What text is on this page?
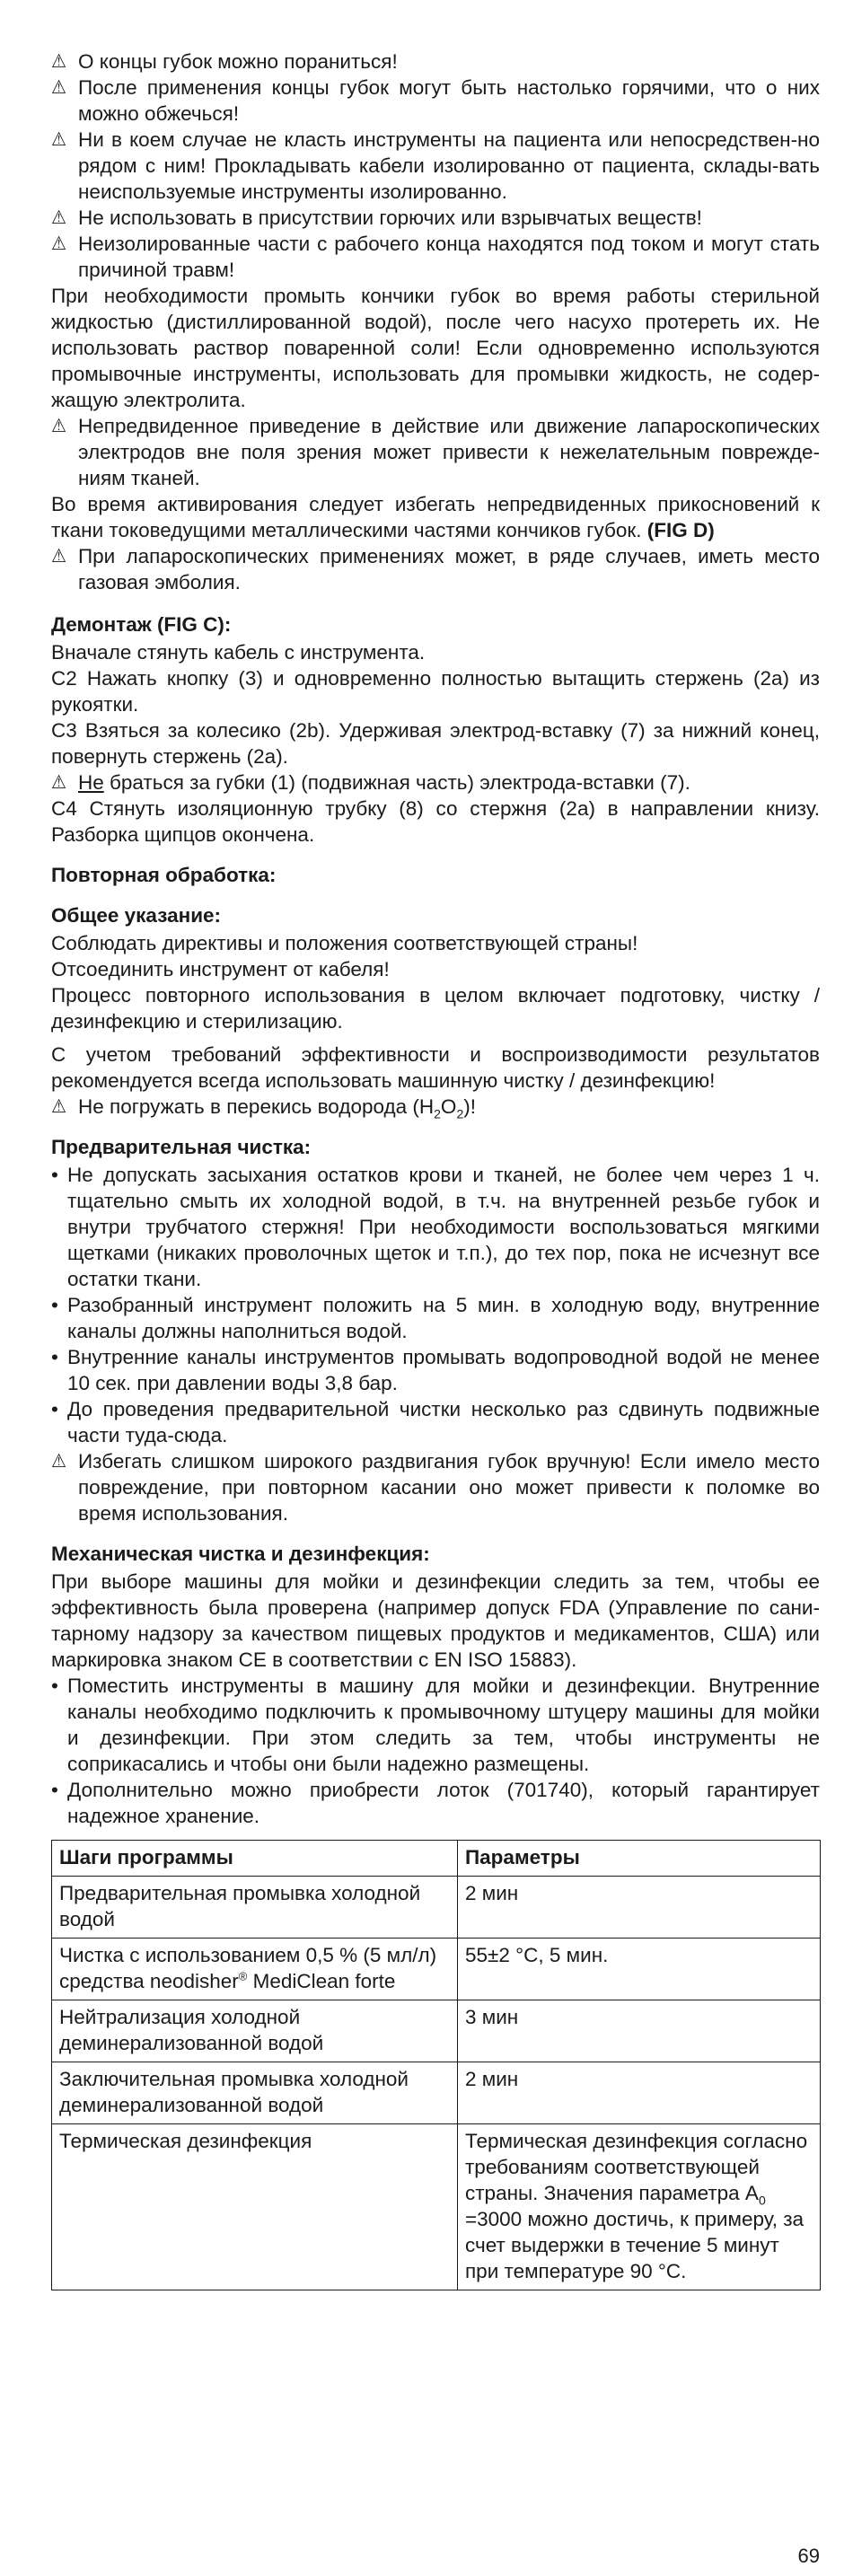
⚠ О концы губок можно пораниться!

⚠ После применения концы губок могут быть настолько горячими, что о них можно обжечься!

⚠ Ни в коем случае не класть инструменты на пациента или непосредствен-но рядом с ним! Прокладывать кабели изолированно от пациента, склады-вать неиспользуемые инструменты изолированно.

⚠ Не использовать в присутствии горючих или взрывчатых веществ!

⚠ Неизолированные части с рабочего конца находятся под током и могут стать причиной травм!

При необходимости промыть кончики губок во время работы стерильной жидкостью (дистиллированной водой), после чего насухо протереть их. Не использовать раствор поваренной соли! Если одновременно используются промывочные инструменты, использовать для промывки жидкость, не содер-жащую электролита.

⚠ Непредвиденное приведение в действие или движение лапароскопических электродов вне поля зрения может привести к нежелательным поврежде-ниям тканей.

Во время активирования следует избегать непредвиденных прикосновений к ткани токоведущими металлическими частями кончиков губок. (FIG D)

⚠ При лапароскопических применениях может, в ряде случаев, иметь место газовая эмболия.

Демонтаж (FIG C):

Вначале стянуть кабель с инструмента.

C2 Нажать кнопку (3) и одновременно полностью вытащить стержень (2a) из рукоятки.

C3 Взяться за колесико (2b). Удерживая электрод-вставку (7) за нижний конец, повернуть стержень (2a).

⚠ Не браться за губки (1) (подвижная часть) электрода-вставки (7).

C4 Стянуть изоляционную трубку (8) со стержня (2a) в направлении книзу. Разборка щипцов окончена.

Повторная обработка:
Общее указание:

Соблюдать директивы и положения соответствующей страны!

Отсоединить инструмент от кабеля!

Процесс повторного использования в целом включает подготовку, чистку / дезинфекцию и стерилизацию.

С учетом требований эффективности и воспроизводимости результатов рекомендуется всегда использовать машинную чистку / дезинфекцию!

⚠ Не погружать в перекись водорода $(H_2O_2)$!

Предварительная чистка:

• Не допускать засыхания остатков крови и тканей, не более чем через 1 ч. тщательно смыть их холодной водой, в т.ч. на внутренней резьбе губок и внутри трубчатого стержня! При необходимости воспользоваться мягкими щетками (никаких проволочных щеток и т.п.), до тех пор, пока не исчезнут все остатки ткани.

• Разобранный инструмент положить на 5 мин. в холодную воду, внутренние каналы должны наполниться водой.

• Внутренние каналы инструментов промывать водопроводной водой не менее 10 сек. при давлении воды 3,8 бар.

• До проведения предварительной чистки несколько раз сдвинуть подвижные части туда-сюда.

⚠ Избегать слишком широкого раздвигания губок вручную! Если имело место повреждение, при повторном касании оно может привести к поломке во время использования.

Механическая чистка и дезинфекция:

При выборе машины для мойки и дезинфекции следить за тем, чтобы ее эффективность была проверена (например допуск FDA (Управление по сани-тарному надзору за качеством пищевых продуктов и медикаментов, США) или маркировка знаком CE в соответствии с EN ISO 15883).

• Поместить инструменты в машину для мойки и дезинфекции. Внутренние каналы необходимо подключить к промывочному штуцеру машины для мойки и дезинфекции. При этом следить за тем, чтобы инструменты не соприкасались и чтобы они были надежно размещены.

• Дополнительно можно приобрести лоток (701740), который гарантирует надежное хранение.

Шаги программы	Параметры
Предварительная промывка холодной водой	2 мин
Чистка с использованием 0,5 % (5 мл/л) средства neodisher® MediClean forte	55±2 °C, 5 мин.
Нейтрализация холодной деминерализованной водой	3 мин
Заключительная промывка холодной деминерализованной водой	2 мин
Термическая дезинфекция	Термическая дезинфекция согласно требованиям соответствующей страны. Значения параметра $A_0 =3000$ можно достичь, к примеру, за счет выдержки в течение 5 минут при температуре 90 °C.
69
